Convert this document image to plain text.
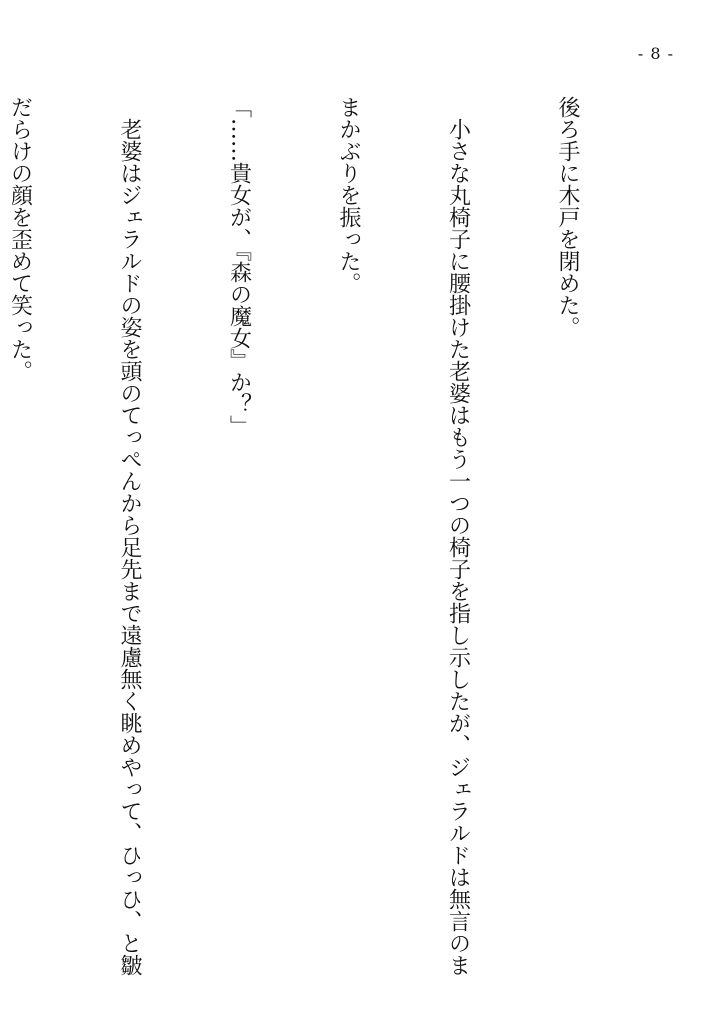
- 8 -

後ろ手に木戸を閉めた。

　小さな丸椅子に腰掛けた老婆はもう一つの椅子を指し示したが、ジェラルドは無言のま

まかぶりを振った。

「……貴女が、『森の魔女』か？」

　老婆はジェラルドの姿を頭のてっぺんから足先まで遠慮無く眺めやって、ひっひ、と皺

だらけの顔を歪めて笑った。
